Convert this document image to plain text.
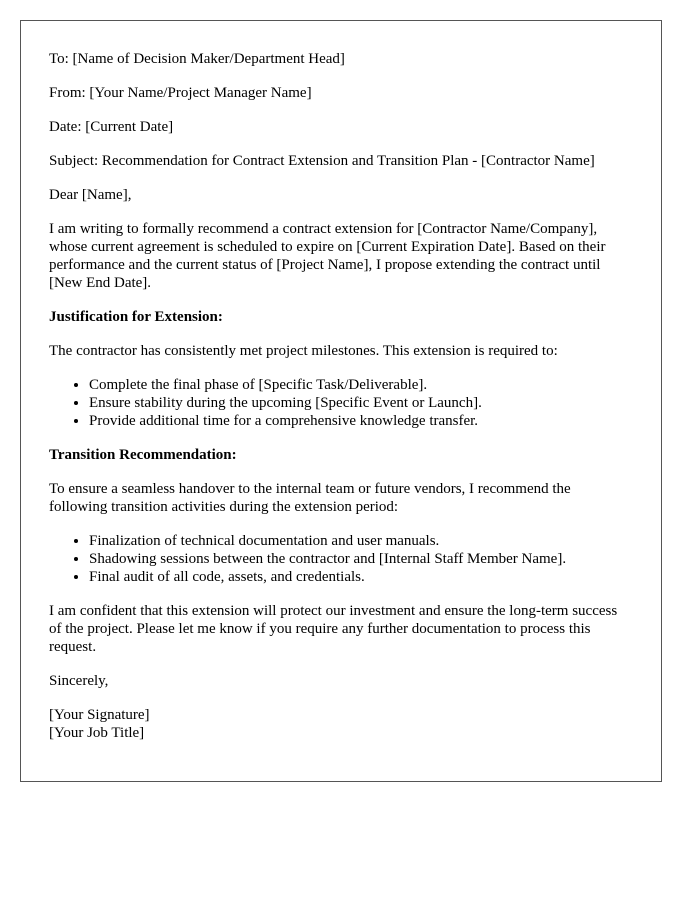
To: [Name of Decision Maker/Department Head]

From: [Your Name/Project Manager Name]

Date: [Current Date]

Subject: Recommendation for Contract Extension and Transition Plan - [Contractor Name]

Dear [Name],

I am writing to formally recommend a contract extension for [Contractor Name/Company], whose current agreement is scheduled to expire on [Current Expiration Date]. Based on their performance and the current status of [Project Name], I propose extending the contract until [New End Date].

Justification for Extension:

The contractor has consistently met project milestones. This extension is required to:

• Complete the final phase of [Specific Task/Deliverable].
• Ensure stability during the upcoming [Specific Event or Launch].
• Provide additional time for a comprehensive knowledge transfer.

Transition Recommendation:

To ensure a seamless handover to the internal team or future vendors, I recommend the following transition activities during the extension period:

• Finalization of technical documentation and user manuals.
• Shadowing sessions between the contractor and [Internal Staff Member Name].
• Final audit of all code, assets, and credentials.

I am confident that this extension will protect our investment and ensure the long-term success of the project. Please let me know if you require any further documentation to process this request.

Sincerely,

[Your Signature]
[Your Job Title]
